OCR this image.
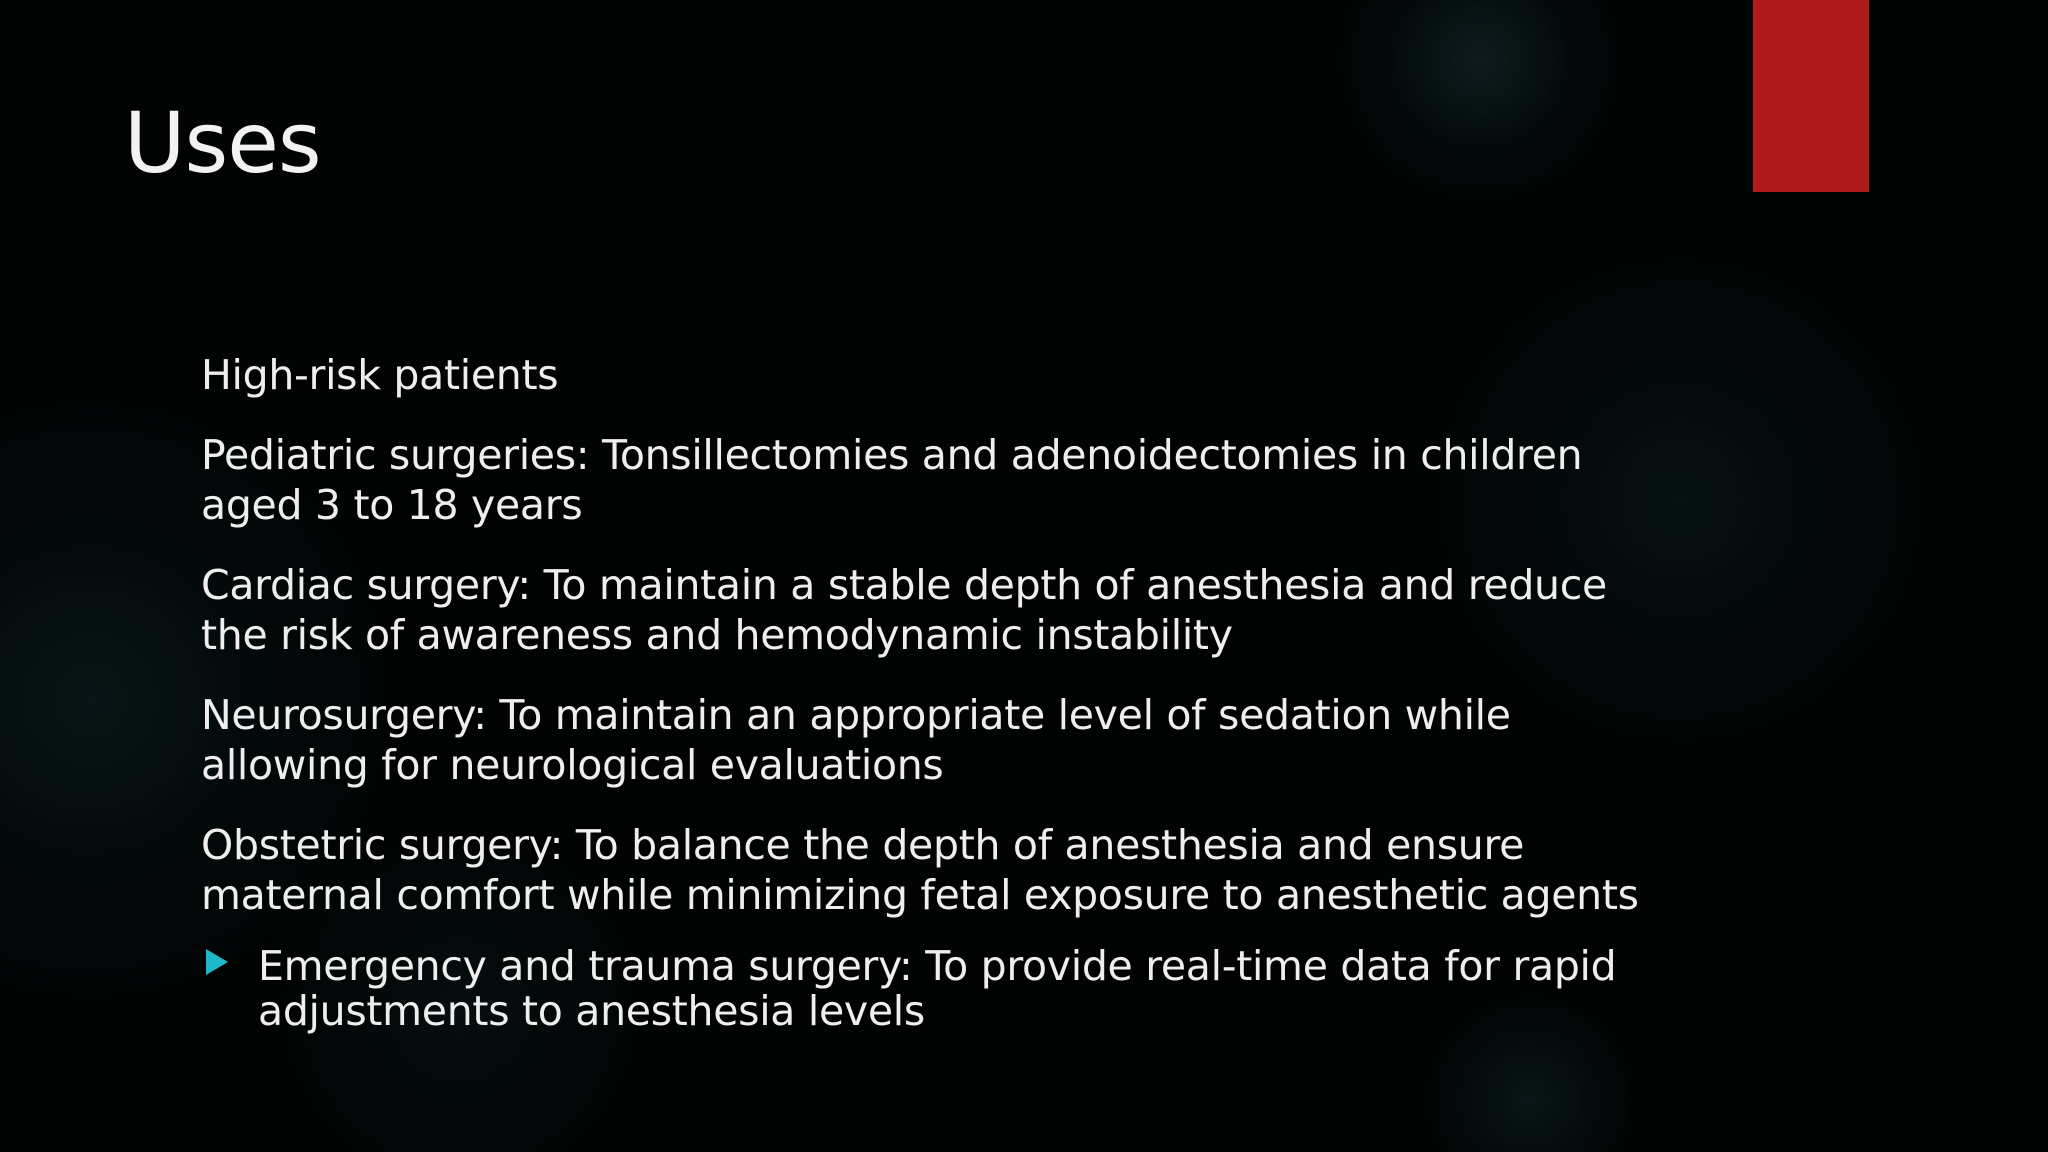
Uses

High-risk patients

Pediatric surgeries: Tonsillectomies and adenoidectomies in children aged 3 to 18 years

Cardiac surgery: To maintain a stable depth of anesthesia and reduce the risk of awareness and hemodynamic instability

Neurosurgery: To maintain an appropriate level of sedation while allowing for neurological evaluations

Obstetric surgery: To balance the depth of anesthesia and ensure maternal comfort while minimizing fetal exposure to anesthetic agents

Emergency and trauma surgery: To provide real-time data for rapid adjustments to anesthesia levels
